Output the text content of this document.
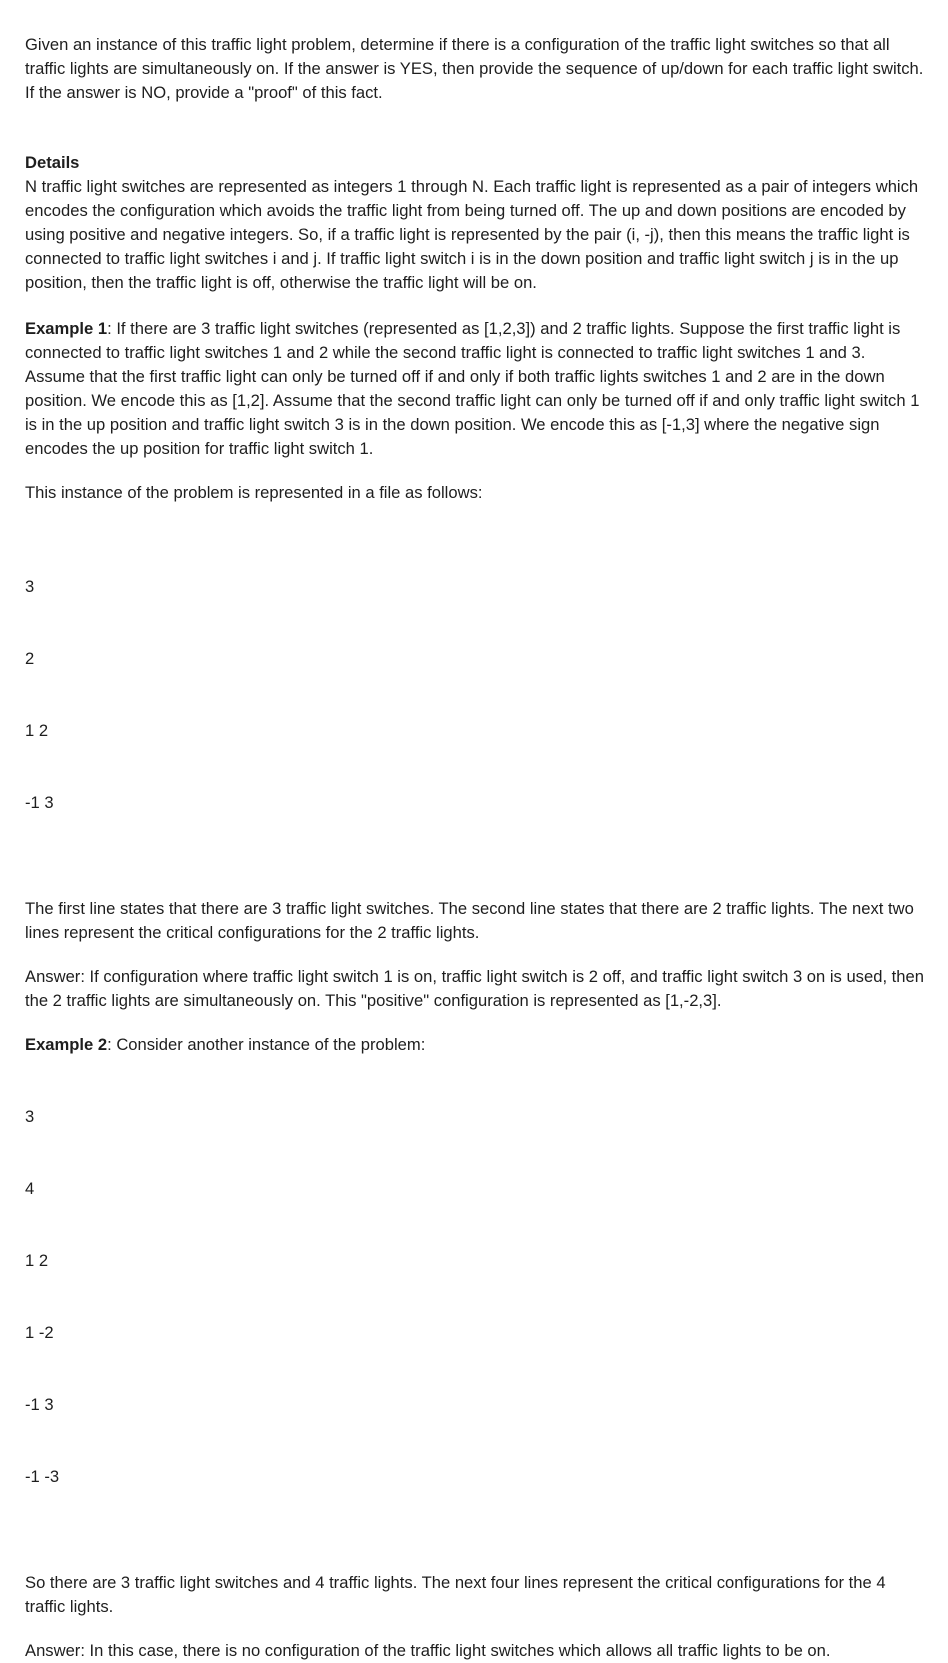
Given an instance of this traffic light problem, determine if there is a configuration of the traffic light switches so that all traffic lights are simultaneously on. If the answer is YES, then provide the sequence of up/down for each traffic light switch. If the answer is NO, provide a "proof" of this fact.

Details

N traffic light switches are represented as integers 1 through N. Each traffic light is represented as a pair of integers which encodes the configuration which avoids the traffic light from being turned off. The up and down positions are encoded by using positive and negative integers. So, if a traffic light is represented by the pair (i, -j), then this means the traffic light is connected to traffic light switches i and j. If traffic light switch i is in the down position and traffic light switch j is in the up position, then the traffic light is off, otherwise the traffic light will be on.

Example 1: If there are 3 traffic light switches (represented as [1,2,3]) and 2 traffic lights. Suppose the first traffic light is connected to traffic light switches 1 and 2 while the second traffic light is connected to traffic light switches 1 and 3. Assume that the first traffic light can only be turned off if and only if both traffic lights switches 1 and 2 are in the down position. We encode this as [1,2]. Assume that the second traffic light can only be turned off if and only traffic light switch 1 is in the up position and traffic light switch 3 is in the down position. We encode this as [-1,3] where the negative sign encodes the up position for traffic light switch 1.

This instance of the problem is represented in a file as follows:

3

2

1 2

-1 3

The first line states that there are 3 traffic light switches. The second line states that there are 2 traffic lights. The next two lines represent the critical configurations for the 2 traffic lights.

Answer: If configuration where traffic light switch 1 is on, traffic light switch is 2 off, and traffic light switch 3 on is used, then the 2 traffic lights are simultaneously on. This "positive" configuration is represented as [1,-2,3].

Example 2: Consider another instance of the problem:

3

4

1 2

1 -2

-1 3

-1 -3

So there are 3 traffic light switches and 4 traffic lights. The next four lines represent the critical configurations for the 4 traffic lights.

Answer: In this case, there is no configuration of the traffic light switches which allows all traffic lights to be on.
